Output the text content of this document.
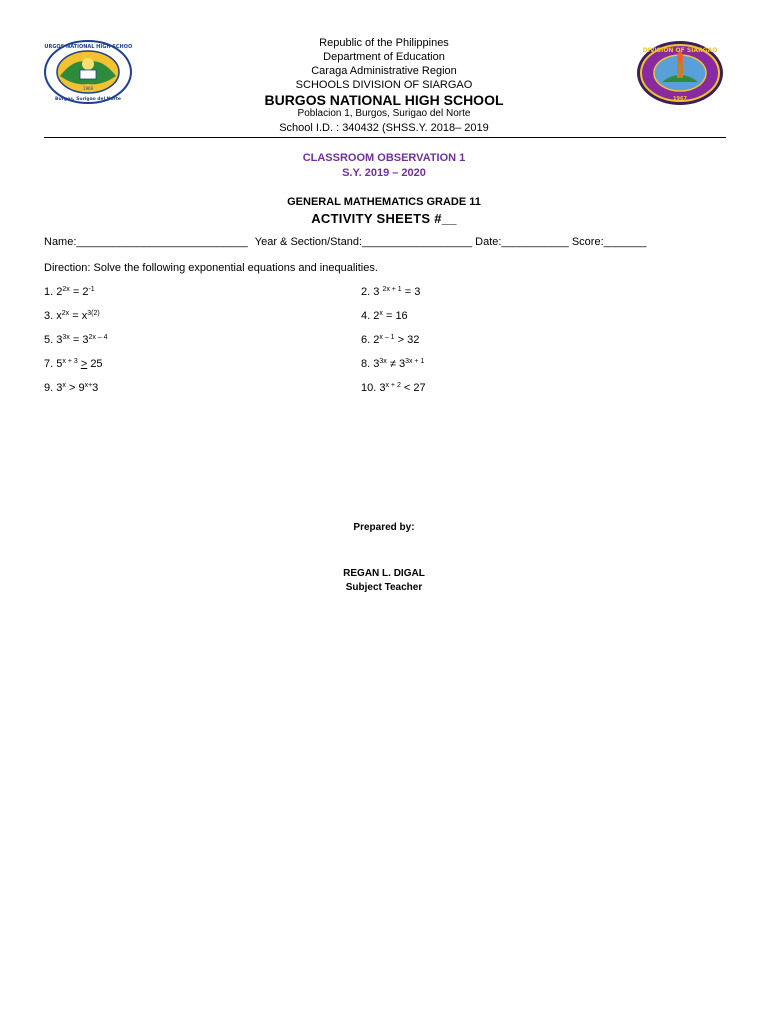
1969
BURGOS NATIONAL HIGH SCHOOL
Burgos, Surigao del Norte
DIVISION OF SIARGAO
1967
Republic of the Philippines
Department of Education
Caraga Administrative Region
SCHOOLS DIVISION OF SIARGAO
BURGOS NATIONAL HIGH SCHOOL
Poblacion 1, Burgos, Surigao del Norte
School I.D. : 340432 (SHSS.Y. 2018– 2019
CLASSROOM OBSERVATION 1
S.Y. 2019 – 2020
GENERAL MATHEMATICS GRADE 11
ACTIVITY SHEETS #__
Name:____________________________ Year & Section/Stand:__________________ Date:___________ Score:_______
Direction: Solve the following exponential equations and inequalities.
1. $2^{2x} = 2^{-1}$	2. 3 $^{2x + 1}$ = 3
3. $x^{2x} = x^{3(2)}$	4. $2^x = 16$
5. $3^{3x} = 3^{2x - 4}$	6. $2^{x - 1} > 32$
7. $5^{x + 3} > 25$	8. $3^{3x} \ne 3^{3x + 1}$
9. $3^x > 9^{x+}3$	10. $3^{x + 2} < 27$
Prepared by:
REGAN L. DIGAL
Subject Teacher
